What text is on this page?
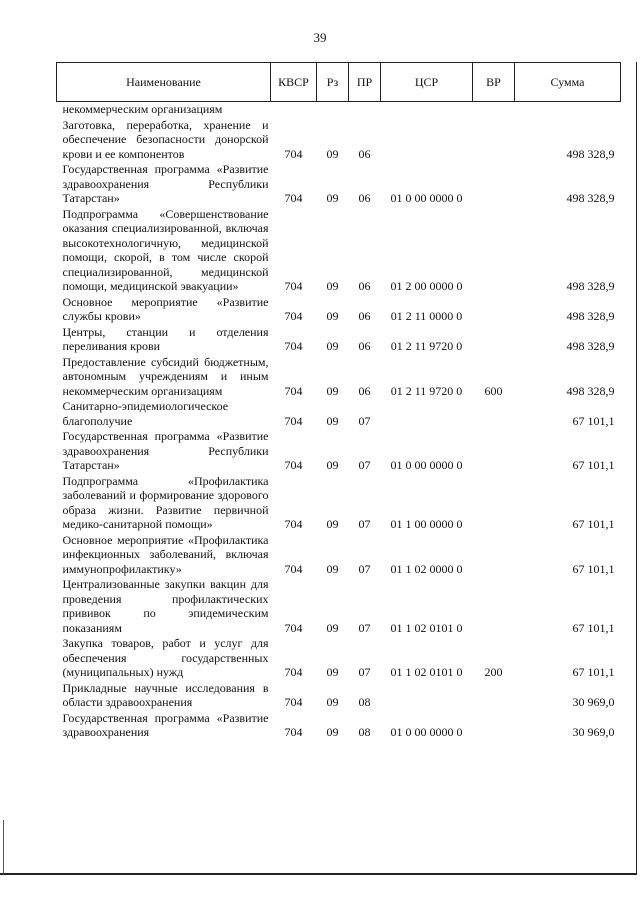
39
Наименование	КВСР	Рз	ПР	ЦСР	ВР	Сумма
некоммерческим организациям						
Заготовка, переработка, хранение и обеспечение безопасности донорской крови и ее компонентов	704	09	06			498 328,9
Государственная программа «Развитие здравоохранения Республики Татарстан»	704	09	06	01 0 00 0000 0		498 328,9
Подпрограмма «Совершенствование оказания специализированной, включая высокотехнологичную, медицинской помощи, скорой, в том числе скорой специализированной, медицинской помощи, медицинской эвакуации»	704	09	06	01 2 00 0000 0		498 328,9
Основное мероприятие «Развитие службы крови»	704	09	06	01 2 11 0000 0		498 328,9
Центры, станции и отделения переливания крови	704	09	06	01 2 11 9720 0		498 328,9
Предоставление субсидий бюджетным, автономным учреждениям и иным некоммерческим организациям	704	09	06	01 2 11 9720 0	600	498 328,9
Санитарно-эпидемиологическое благополучие	704	09	07			67 101,1
Государственная программа «Развитие здравоохранения Республики Татарстан»	704	09	07	01 0 00 0000 0		67 101,1
Подпрограмма «Профилактика заболеваний и формирование здорового образа жизни. Развитие первичной медико-санитарной помощи»	704	09	07	01 1 00 0000 0		67 101,1
Основное мероприятие «Профилактика инфекционных заболеваний, включая иммунопрофилактику»	704	09	07	01 1 02 0000 0		67 101,1
Централизованные закупки вакцин для проведения профилактических прививок по эпидемическим показаниям	704	09	07	01 1 02 0101 0		67 101,1
Закупка товаров, работ и услуг для обеспечения государственных (муниципальных) нужд	704	09	07	01 1 02 0101 0	200	67 101,1
Прикладные научные исследования в области здравоохранения	704	09	08			30 969,0
Государственная программа «Развитие здравоохранения	704	09	08	01 0 00 0000 0		30 969,0
